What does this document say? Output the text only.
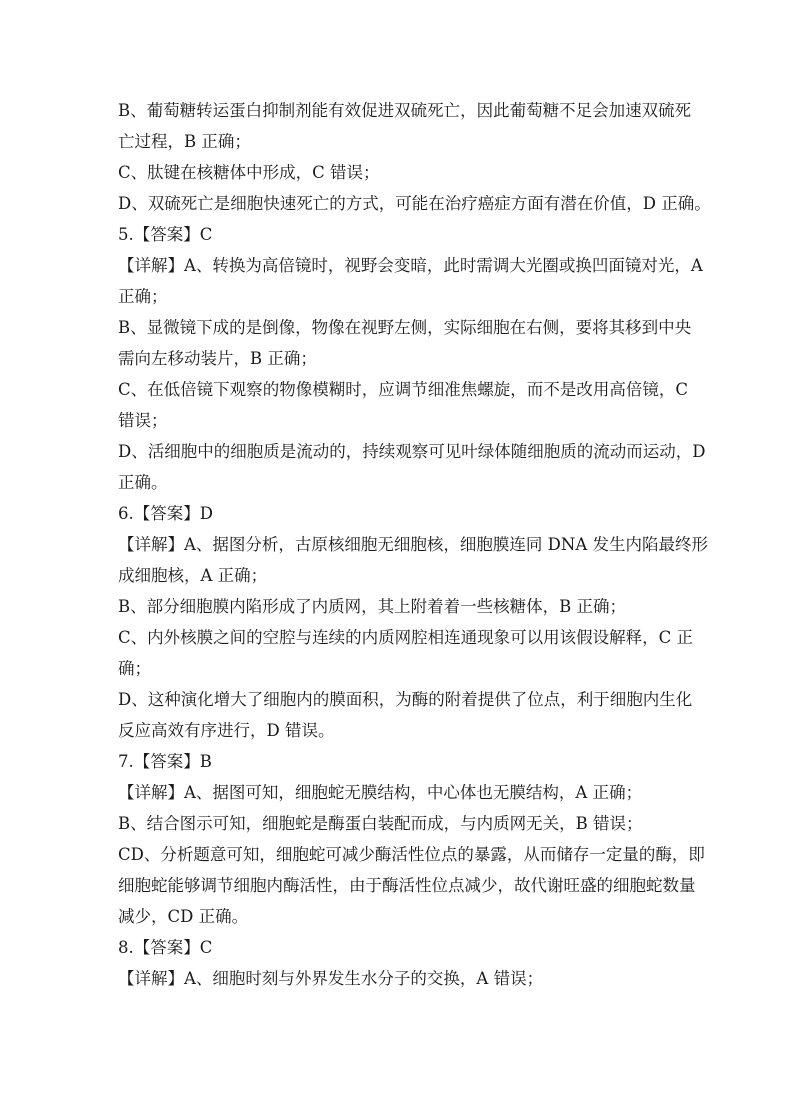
B、葡萄糖转运蛋白抑制剂能有效促进双硫死亡，因此葡萄糖不足会加速双硫死
亡过程，B 正确；
C、肽键在核糖体中形成，C 错误；
D、双硫死亡是细胞快速死亡的方式，可能在治疗癌症方面有潜在价值，D 正确。
5.【答案】C
【详解】A、转换为高倍镜时，视野会变暗，此时需调大光圈或换凹面镜对光，A
正确；
B、显微镜下成的是倒像，物像在视野左侧，实际细胞在右侧，要将其移到中央
需向左移动装片，B 正确；
C、在低倍镜下观察的物像模糊时，应调节细准焦螺旋，而不是改用高倍镜，C
错误；
D、活细胞中的细胞质是流动的，持续观察可见叶绿体随细胞质的流动而运动，D
正确。
6.【答案】D
【详解】A、据图分析，古原核细胞无细胞核，细胞膜连同 DNA 发生内陷最终形
成细胞核，A 正确；
B、部分细胞膜内陷形成了内质网，其上附着着一些核糖体，B 正确；
C、内外核膜之间的空腔与连续的内质网腔相连通现象可以用该假设解释，C 正
确；
D、这种演化增大了细胞内的膜面积，为酶的附着提供了位点，利于细胞内生化
反应高效有序进行，D 错误。
7.【答案】B
【详解】A、据图可知，细胞蛇无膜结构，中心体也无膜结构，A 正确；
B、结合图示可知，细胞蛇是酶蛋白装配而成，与内质网无关，B 错误；
CD、分析题意可知，细胞蛇可减少酶活性位点的暴露，从而储存一定量的酶，即
细胞蛇能够调节细胞内酶活性，由于酶活性位点减少，故代谢旺盛的细胞蛇数量
减少，CD 正确。
8.【答案】C
【详解】A、细胞时刻与外界发生水分子的交换，A 错误；
